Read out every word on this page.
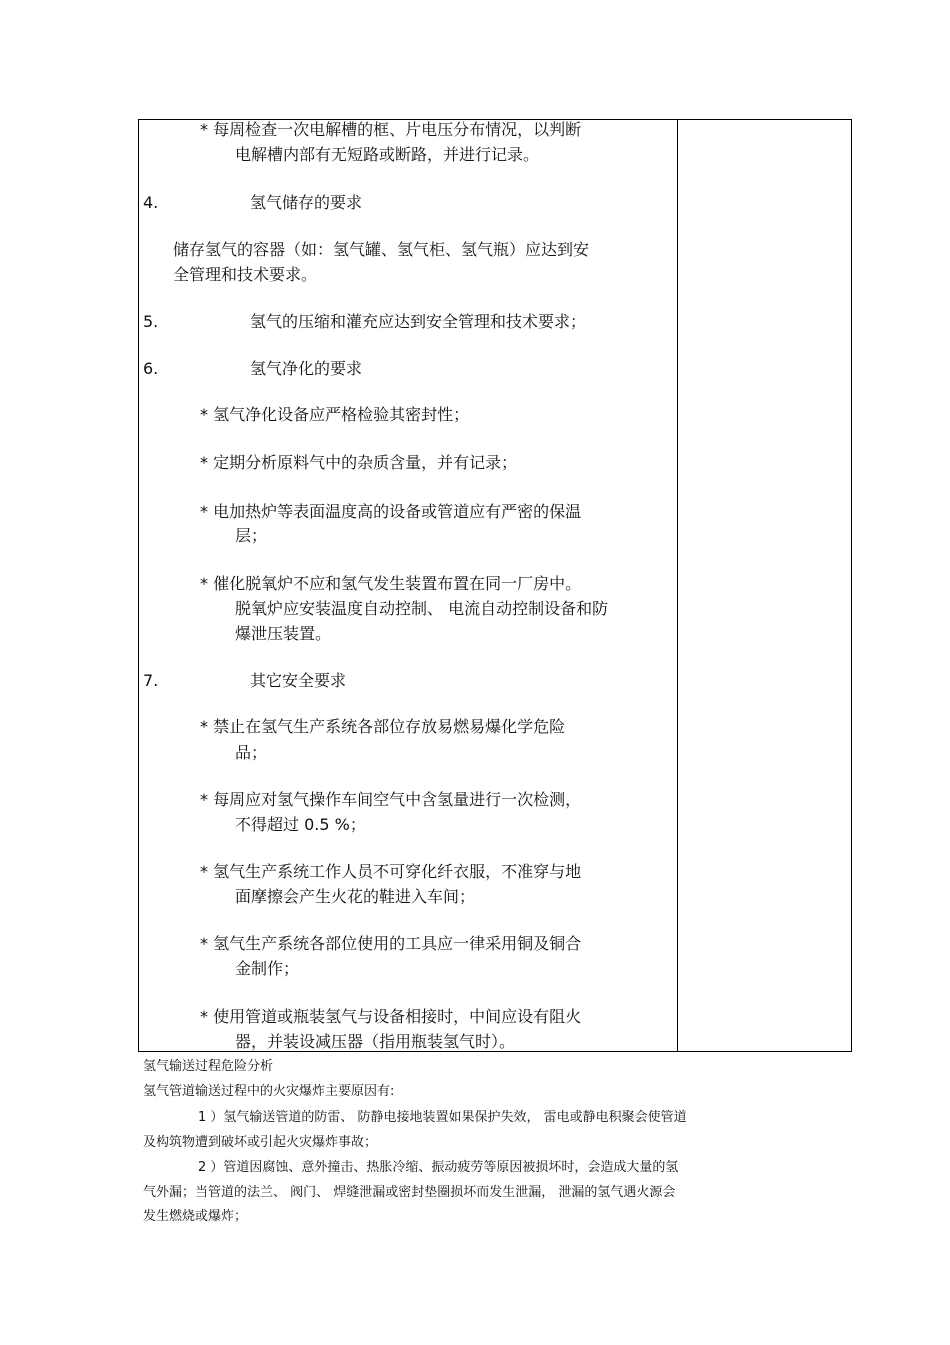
* 每周检查一次电解槽的框、片电压分布情况，以判断
电解槽内部有无短路或断路，并进行记录。
4.	氢气储存的要求
储存氢气的容器（如：氢气罐、氢气柜、氢气瓶）应达到安
全管理和技术要求。
5.	氢气的压缩和灌充应达到安全管理和技术要求；
6.	氢气净化的要求
* 氢气净化设备应严格检验其密封性；
* 定期分析原料气中的杂质含量，并有记录；
* 电加热炉等表面温度高的设备或管道应有严密的保温
层；
* 催化脱氧炉不应和氢气发生装置布置在同一厂房中。
脱氧炉应安装温度自动控制、 电流自动控制设备和防
爆泄压装置。
7.	其它安全要求
* 禁止在氢气生产系统各部位存放易燃易爆化学危险
品；
* 每周应对氢气操作车间空气中含氢量进行一次检测，
不得超过 0.5 %；
* 氢气生产系统工作人员不可穿化纤衣服，不准穿与地
面摩擦会产生火花的鞋进入车间；
* 氢气生产系统各部位使用的工具应一律采用铜及铜合
金制作；
* 使用管道或瓶装氢气与设备相接时，中间应设有阻火
器，并装设减压器（指用瓶装氢气时）。
氢气输送过程危险分析
氢气管道输送过程中的火灾爆炸主要原因有:
1 ）氢气输送管道的防雷、 防静电接地装置如果保护失效， 雷电或静电积聚会使管道
及构筑物遭到破坏或引起火灾爆炸事故；
2 ）管道因腐蚀、意外撞击、热胀冷缩、振动疲劳等原因被损坏时，会造成大量的氢
气外漏；当管道的法兰、 阀门、 焊缝泄漏或密封垫圈损坏而发生泄漏， 泄漏的氢气遇火源会
发生燃烧或爆炸；
